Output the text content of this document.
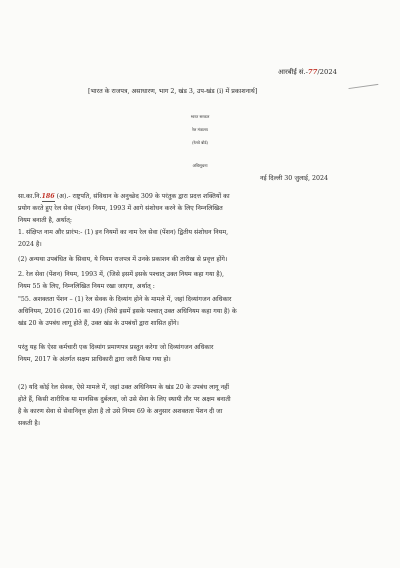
आरबीई सं.-77/2024
[भारत के राजपत्र, असाधारण, भाग 2, खंड 3, उप-खंड (i) में प्रकाशनार्थ]
भारत सरकार
रेल मंत्रालय
(रेलवे बोर्ड)
अधिसूचना
नई दिल्ली 30 जुलाई, 2024
सा.का.नि.186 (अ).- राष्ट्रपति, संविधान के अनुच्छेद 309 के परंतुक द्वारा प्रदत्त शक्तियों का
प्रयोग करते हुए रेल सेवा (पेंशन) नियम, 1993 में आगे संशोधन करने के लिए निम्नलिखित
नियम बनाती है, अर्थात्:
1. संक्षिप्त नाम और प्रारंभ:- (1) इन नियमों का नाम रेल सेवा (पेंशन) द्वितीय संशोधन नियम,
2024 है।
(2) अन्यथा उपबंधित के सिवाय, ये नियम राजपत्र में उनके प्रकाशन की तारीख से प्रवृत्त होंगे।
2. रेल सेवा (पेंशन) नियम, 1993 में, (जिसे इसमें इसके पश्चात् उक्त नियम कहा गया है),
नियम 55 के लिए, निम्नलिखित नियम रखा जाएगा, अर्थात् :
"55. अशक्तता पेंशन – (1) रेल सेवक के दिव्यांग होने के मामले में, जहां दिव्यांगजन अधिकार
अधिनियम, 2016 (2016 का 49) (जिसे इसमें इसके पश्चात् उक्त अधिनियम कहा गया है) के
खंड 20 के उपबंध लागू होते हैं, उक्त खंड के उपबंधों द्वारा शासित होंगे।
परंतु यह कि ऐसा कर्मचारी एक दिव्यांग प्रमाणपत्र प्रस्तुत करेगा जो दिव्यांगजन अधिकार
नियम, 2017 के अंतर्गत सक्षम प्राधिकारी द्वारा जारी किया गया हो।
(2) यदि कोई रेल सेवक, ऐसे मामले में, जहां उक्त अधिनियम के खंड 20 के उपबंध लागू नहीं
होते हैं, किसी शारीरिक या मानसिक दुर्बलता, जो उसे सेवा के लिए स्थायी तौर पर अक्षम बनाती
है के कारण सेवा से सेवानिवृत्त होता है तो उसे नियम 69 के अनुसार अशक्तता पेंशन दी जा
सकती है।
